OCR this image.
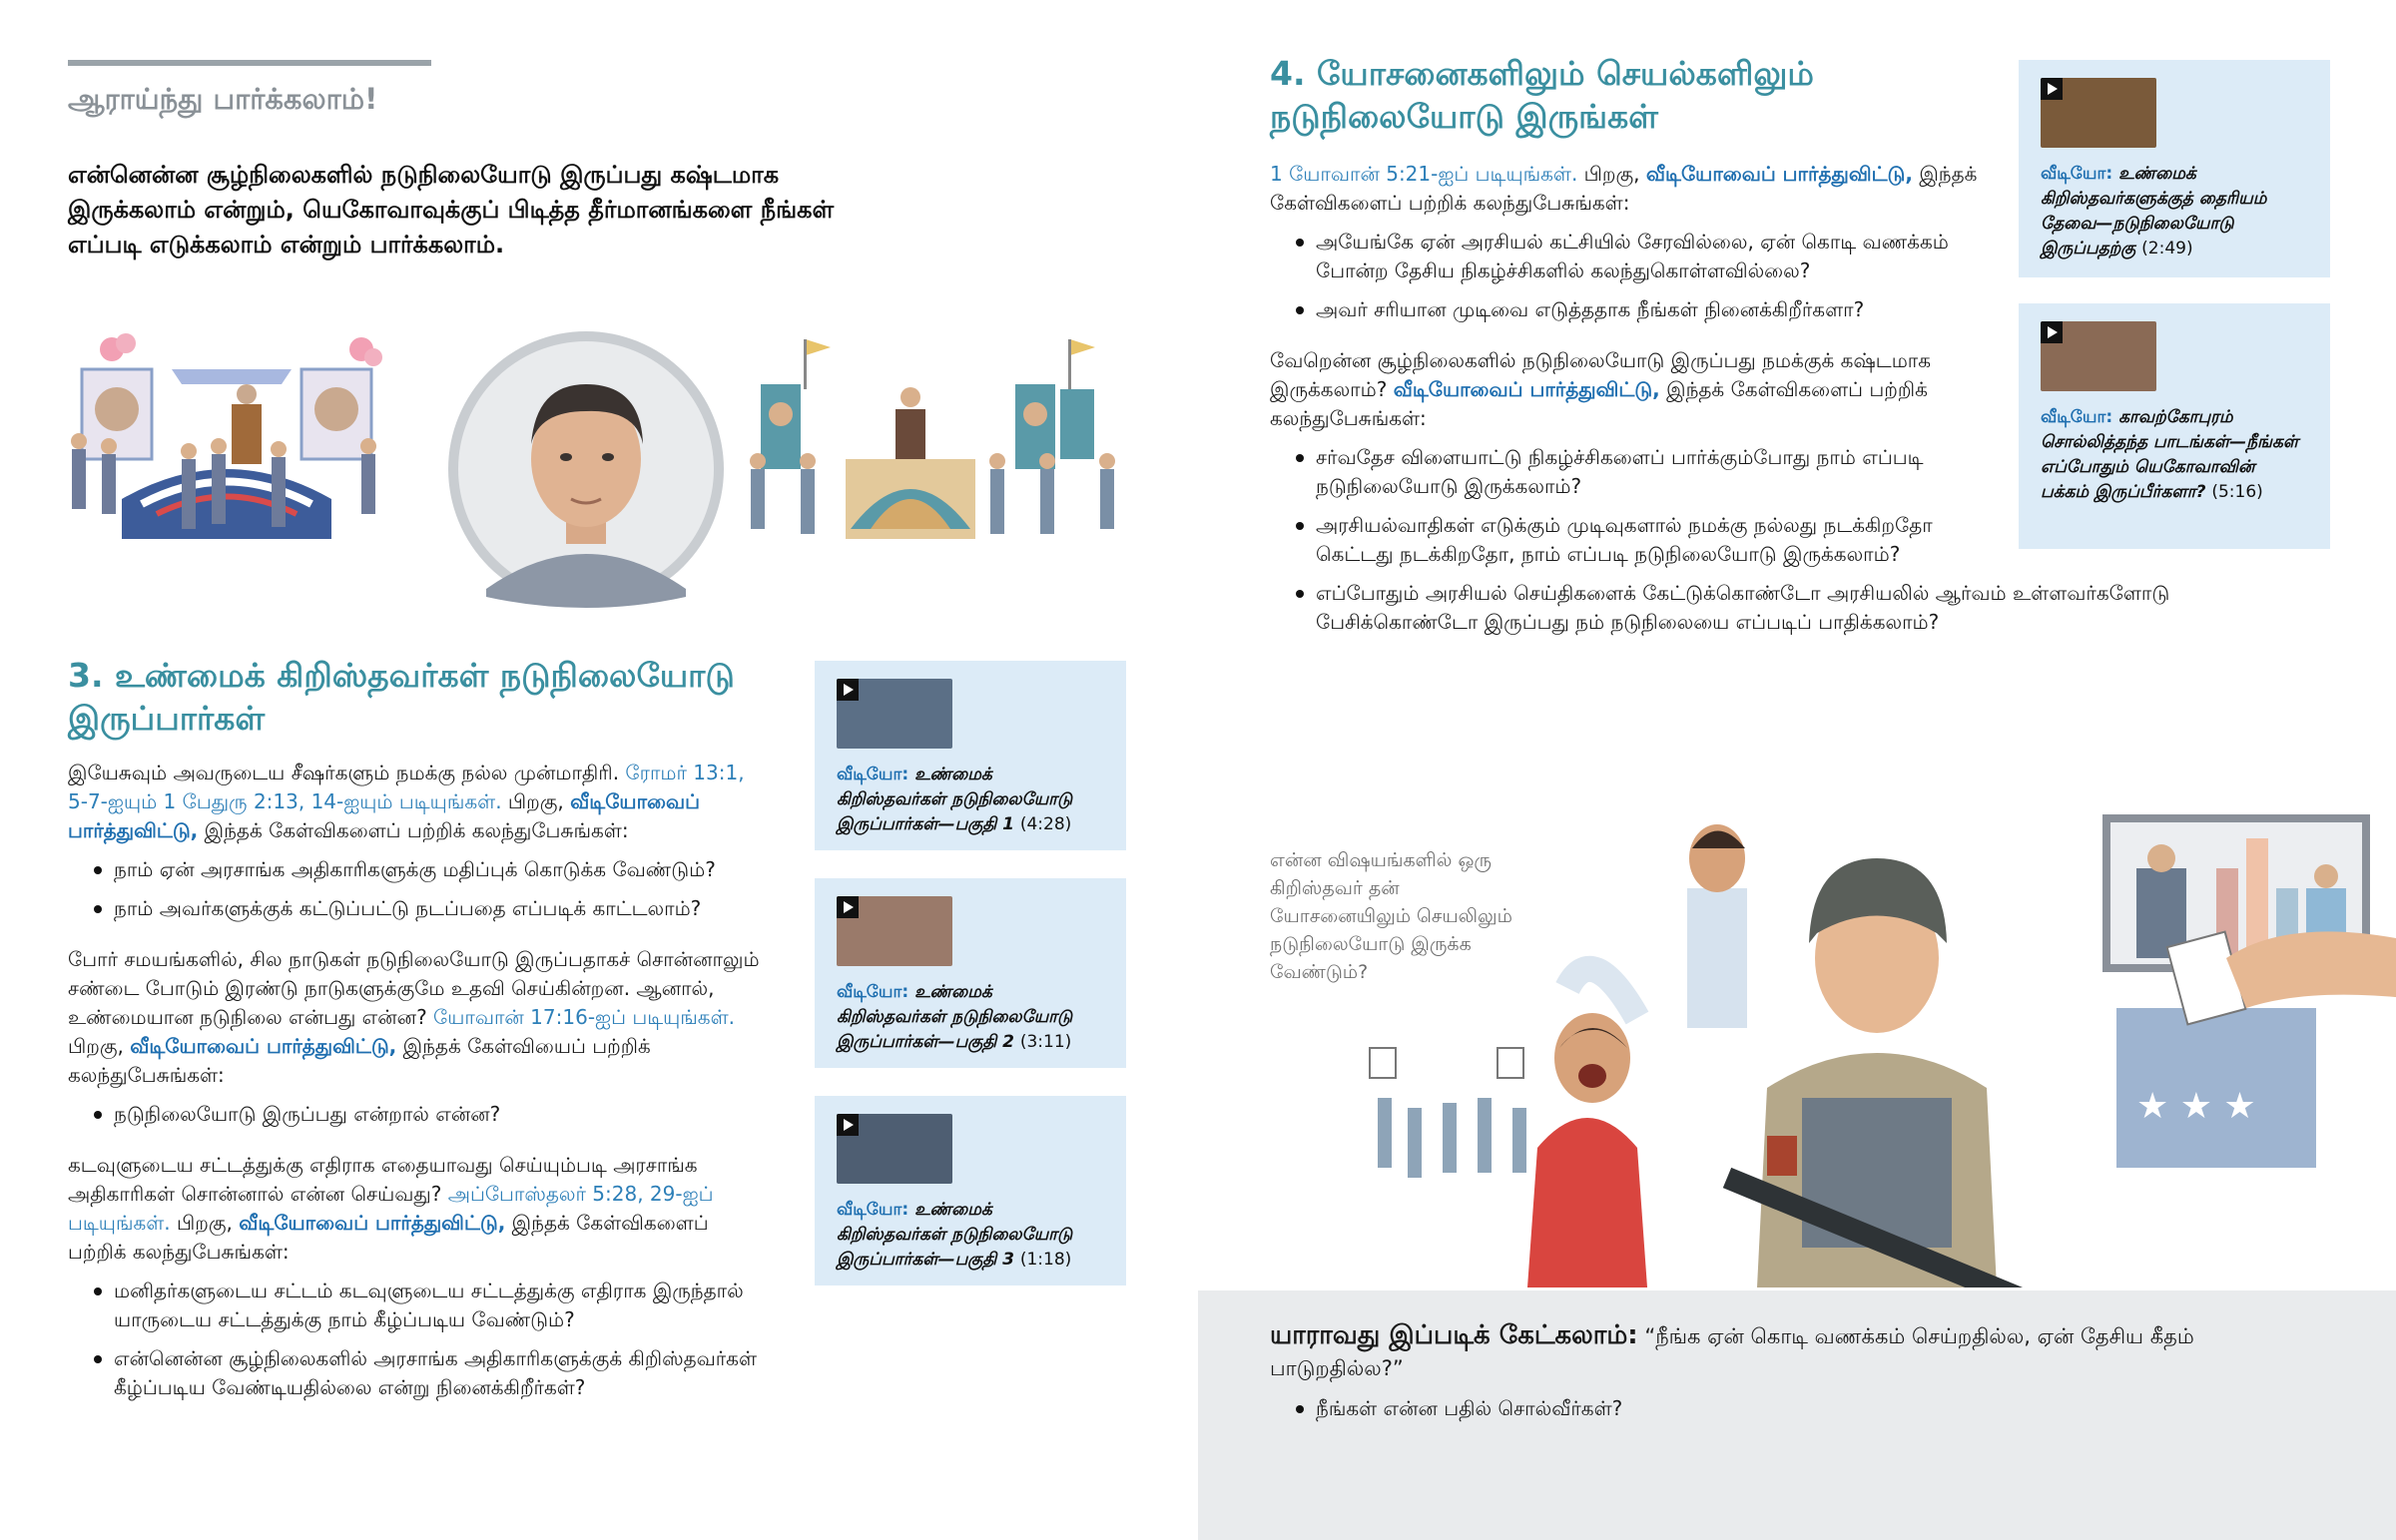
ஆராய்ந்து பார்க்கலாம்!
என்னென்ன சூழ்நிலைகளில் நடுநிலையோடு இருப்பது கஷ்டமாக இருக்கலாம் என்றும், யெகோவாவுக்குப் பிடித்த தீர்மானங்களை நீங்கள் எப்படி எடுக்கலாம் என்றும் பார்க்கலாம்.
3. உண்மைக் கிறிஸ்தவர்கள் நடுநிலையோடு இருப்பார்கள்

இயேசுவும் அவருடைய சீஷர்களும் நமக்கு நல்ல முன்மாதிரி. ரோமர் 13:1, 5-7-ஐயும் 1 பேதுரு 2:13, 14-ஐயும் படியுங்கள். பிறகு, வீடியோவைப் பார்த்துவிட்டு, இந்தக் கேள்விகளைப் பற்றிக் கலந்துபேசுங்கள்:

நாம் ஏன் அரசாங்க அதிகாரிகளுக்கு மதிப்புக் கொடுக்க வேண்டும்?
நாம் அவர்களுக்குக் கட்டுப்பட்டு நடப்பதை எப்படிக் காட்டலாம்?

போர் சமயங்களில், சில நாடுகள் நடுநிலையோடு இருப்பதாகச் சொன்னாலும் சண்டை போடும் இரண்டு நாடுகளுக்குமே உதவி செய்கின்றன. ஆனால், உண்மையான நடுநிலை என்பது என்ன? யோவான் 17:16-ஐப் படியுங்கள். பிறகு, வீடியோவைப் பார்த்துவிட்டு, இந்தக் கேள்வியைப் பற்றிக் கலந்துபேசுங்கள்:

நடுநிலையோடு இருப்பது என்றால் என்ன?

கடவுளுடைய சட்டத்துக்கு எதிராக எதையாவது செய்யும்படி அரசாங்க அதிகாரிகள் சொன்னால் என்ன செய்வது? அப்போஸ்தலர் 5:28, 29-ஐப் படியுங்கள். பிறகு, வீடியோவைப் பார்த்துவிட்டு, இந்தக் கேள்விகளைப் பற்றிக் கலந்துபேசுங்கள்:

மனிதர்களுடைய சட்டம் கடவுளுடைய சட்டத்துக்கு எதிராக இருந்தால் யாருடைய சட்டத்துக்கு நாம் கீழ்ப்படிய வேண்டும்?
என்னென்ன சூழ்நிலைகளில் அரசாங்க அதிகாரிகளுக்குக் கிறிஸ்தவர்கள் கீழ்ப்படிய வேண்டியதில்லை என்று நினைக்கிறீர்கள்?
வீடியோ: உண்மைக் கிறிஸ்தவர்கள் நடுநிலையோடு இருப்பார்கள்—பகுதி 1 (4:28)
வீடியோ: உண்மைக் கிறிஸ்தவர்கள் நடுநிலையோடு இருப்பார்கள்—பகுதி 2 (3:11)
வீடியோ: உண்மைக் கிறிஸ்தவர்கள் நடுநிலையோடு இருப்பார்கள்—பகுதி 3 (1:18)
4. யோசனைகளிலும் செயல்களிலும் நடுநிலையோடு இருங்கள்

1 யோவான் 5:21-ஐப் படியுங்கள். பிறகு, வீடியோவைப் பார்த்துவிட்டு, இந்தக் கேள்விகளைப் பற்றிக் கலந்துபேசுங்கள்:

அயேங்கே ஏன் அரசியல் கட்சியில் சேரவில்லை, ஏன் கொடி வணக்கம் போன்ற தேசிய நிகழ்ச்சிகளில் கலந்துகொள்ளவில்லை?
அவர் சரியான முடிவை எடுத்ததாக நீங்கள் நினைக்கிறீர்களா?

வேறென்ன சூழ்நிலைகளில் நடுநிலையோடு இருப்பது நமக்குக் கஷ்டமாக இருக்கலாம்? வீடியோவைப் பார்த்துவிட்டு, இந்தக் கேள்விகளைப் பற்றிக் கலந்துபேசுங்கள்:

சர்வதேச விளையாட்டு நிகழ்ச்சிகளைப் பார்க்கும்போது நாம் எப்படி நடுநிலையோடு இருக்கலாம்?
அரசியல்வாதிகள் எடுக்கும் முடிவுகளால் நமக்கு நல்லது நடக்கிறதோ கெட்டது நடக்கிறதோ, நாம் எப்படி நடுநிலையோடு இருக்கலாம்?
எப்போதும் அரசியல் செய்திகளைக் கேட்டுக்கொண்டோ அரசியலில் ஆர்வம் உள்ளவர்களோடு பேசிக்கொண்டோ இருப்பது நம் நடுநிலையை எப்படிப் பாதிக்கலாம்?
வீடியோ: உண்மைக் கிறிஸ்தவர்களுக்குத் தைரியம் தேவை—நடுநிலையோடு இருப்பதற்கு (2:49)
வீடியோ: காவற்கோபுரம் சொல்லித்தந்த பாடங்கள்—நீங்கள் எப்போதும் யெகோவாவின் பக்கம் இருப்பீர்களா? (5:16)
என்ன விஷயங்களில் ஒரு கிறிஸ்தவர் தன் யோசனையிலும் செயலிலும் நடுநிலையோடு இருக்க வேண்டும்?
★ ★ ★

யாராவது இப்படிக் கேட்கலாம்: “நீங்க ஏன் கொடி வணக்கம் செய்றதில்ல, ஏன் தேசிய கீதம் பாடுறதில்ல?”

நீங்கள் என்ன பதில் சொல்வீர்கள்?
